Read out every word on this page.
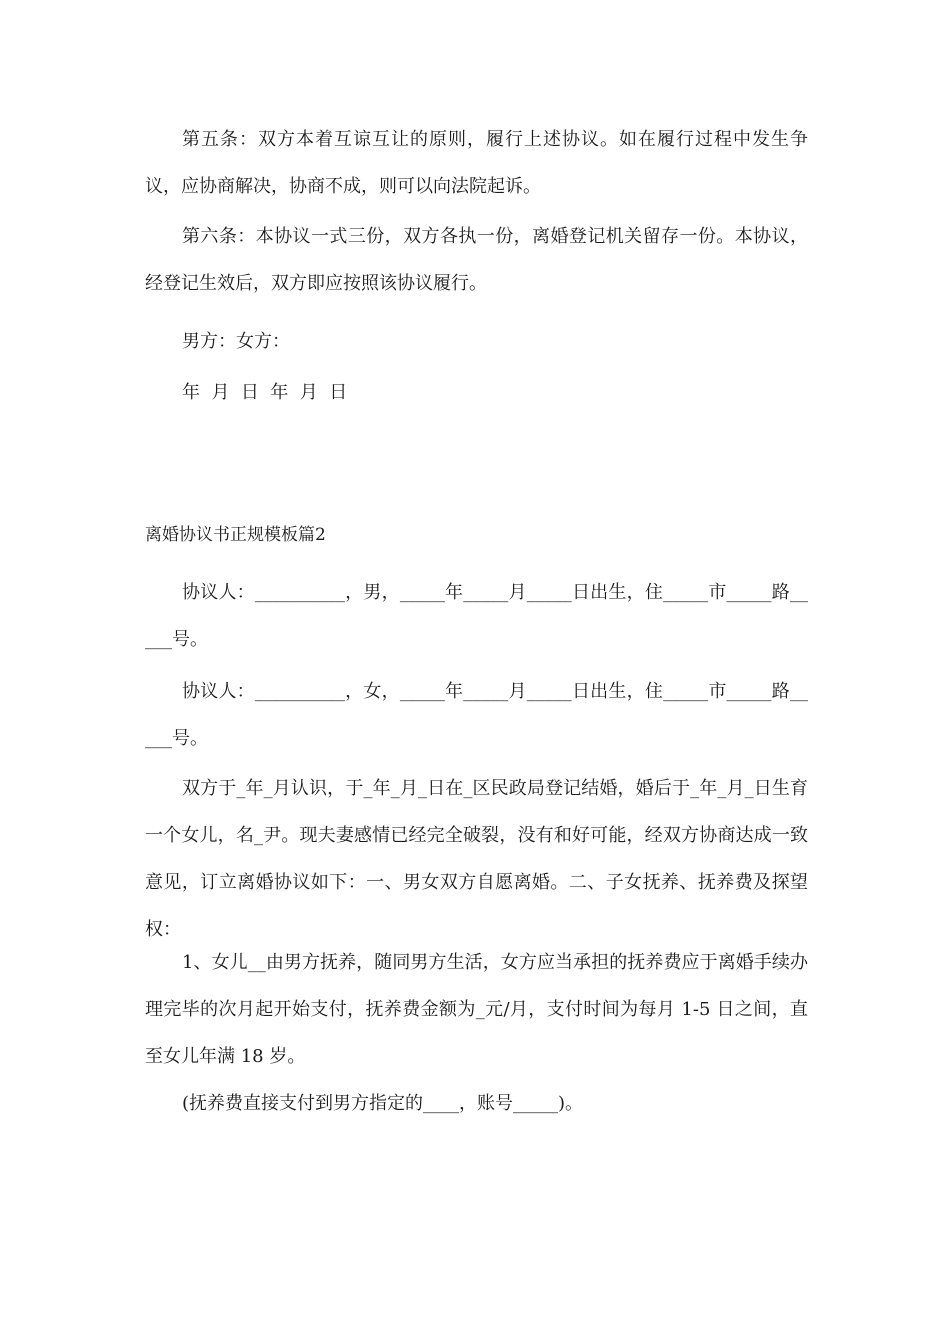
第五条：双方本着互谅互让的原则，履行上述协议。如在履行过程中发生争议，应协商解决，协商不成，则可以向法院起诉。

第六条：本协议一式三份，双方各执一份，离婚登记机关留存一份。本协议，经登记生效后，双方即应按照该协议履行。

男方：女方：

年  月  日  年  月  日

离婚协议书正规模板篇2

协议人：__________，男，_____年_____月_____日出生，住_____市_____路_____号。

协议人：__________，女，_____年_____月_____日出生，住_____市_____路_____号。

双方于_年_月认识，于_年_月_日在_区民政局登记结婚，婚后于_年_月_日生育一个女儿，名_尹。现夫妻感情已经完全破裂，没有和好可能，经双方协商达成一致意见，订立离婚协议如下：一、男女双方自愿离婚。二、子女抚养、抚养费及探望权：

1、女儿__由男方抚养，随同男方生活，女方应当承担的抚养费应于离婚手续办理完毕的次月起开始支付，抚养费金额为_元/月，支付时间为每月 1-5 日之间，直至女儿年满 18 岁。

(抚养费直接支付到男方指定的____，账号_____)。
